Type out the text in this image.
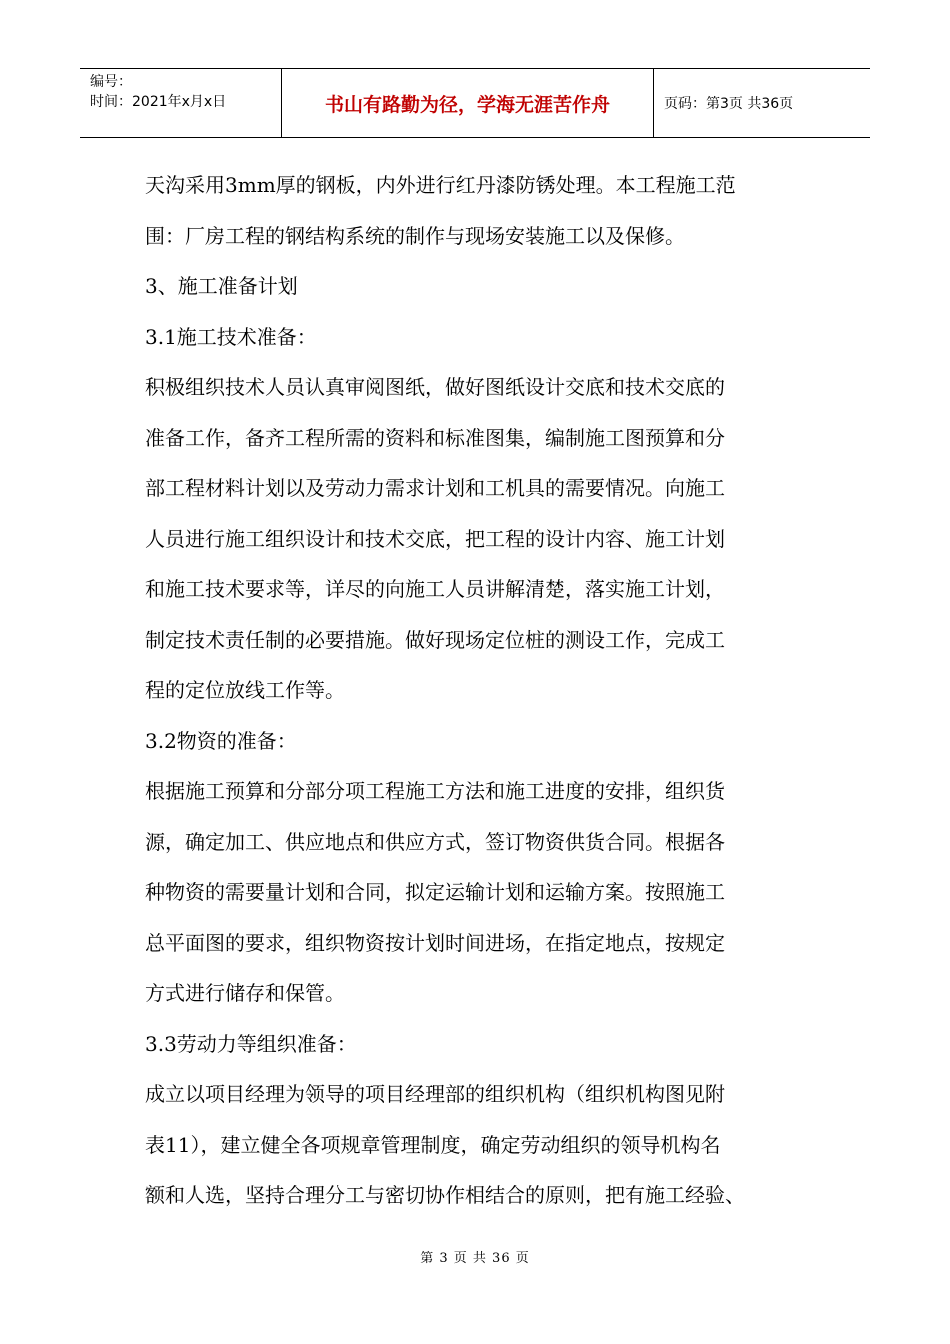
编号：
时间：2021年x月x日	书山有路勤为径，学海无涯苦作舟	页码：第3页 共36页

天沟采用3mm厚的钢板，内外进行红丹漆防锈处理。本工程施工范

围：厂房工程的钢结构系统的制作与现场安装施工以及保修。

3、施工准备计划

3.1施工技术准备：

积极组织技术人员认真审阅图纸，做好图纸设计交底和技术交底的

准备工作，备齐工程所需的资料和标准图集，编制施工图预算和分

部工程材料计划以及劳动力需求计划和工机具的需要情况。向施工

人员进行施工组织设计和技术交底，把工程的设计内容、施工计划

和施工技术要求等，详尽的向施工人员讲解清楚，落实施工计划，

制定技术责任制的必要措施。做好现场定位桩的测设工作，完成工

程的定位放线工作等。

3.2物资的准备：

根据施工预算和分部分项工程施工方法和施工进度的安排，组织货

源，确定加工、供应地点和供应方式，签订物资供货合同。根据各

种物资的需要量计划和合同，拟定运输计划和运输方案。按照施工

总平面图的要求，组织物资按计划时间进场，在指定地点，按规定

方式进行储存和保管。

3.3劳动力等组织准备：

成立以项目经理为领导的项目经理部的组织机构（组织机构图见附

表11），建立健全各项规章管理制度，确定劳动组织的领导机构名

额和人选，坚持合理分工与密切协作相结合的原则，把有施工经验、

第 3 页 共 36 页
